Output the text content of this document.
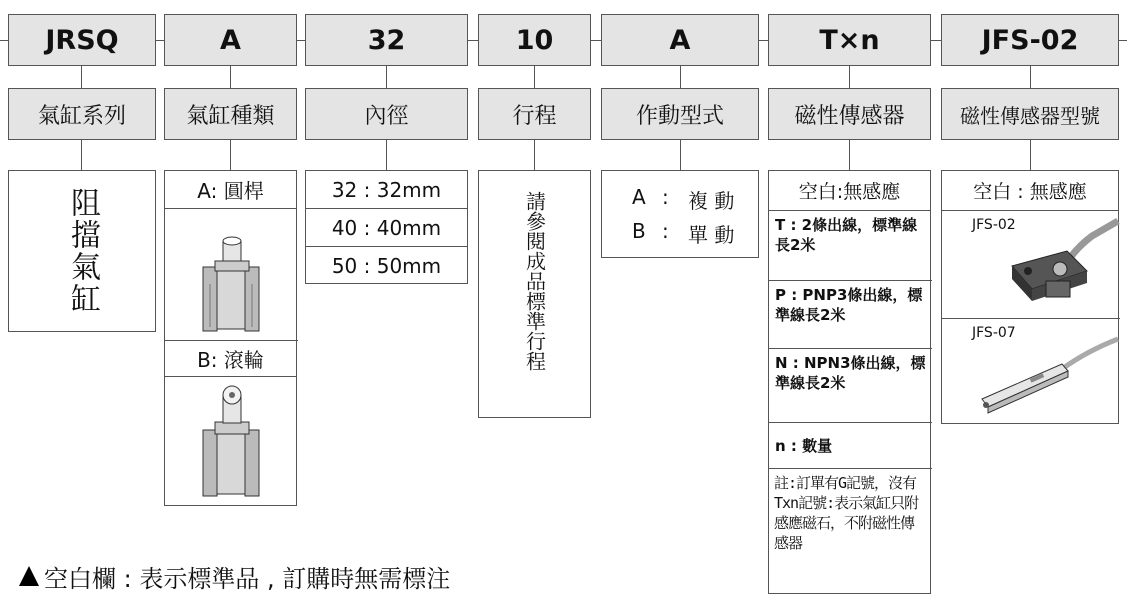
JRSQ	A	32	10	A	T×n	JFS-02
氣缸系列	氣缸種類	內徑	行程	作動型式	磁性傳感器	磁性傳感器型號
阻擋氣缸	A: 圓桿
B: 滾輪
32 : 32mm
40 : 40mm
50 : 50mm	請參閱成品標準行程	A : 複 動
B : 單 動
空白:無感應
T : 2條出線，標準線長2米
P : PNP3條出線，標準線長2米
N : NPN3條出線，標準線長2米
n : 數量
註:訂單有G記號，沒有Txn記號:表示氣缸只附感應磁石，不附磁性傳感器
空白 : 無感應
JFS-02
JFS-07
空白欄 : 表示標準品 , 訂購時無需標注
